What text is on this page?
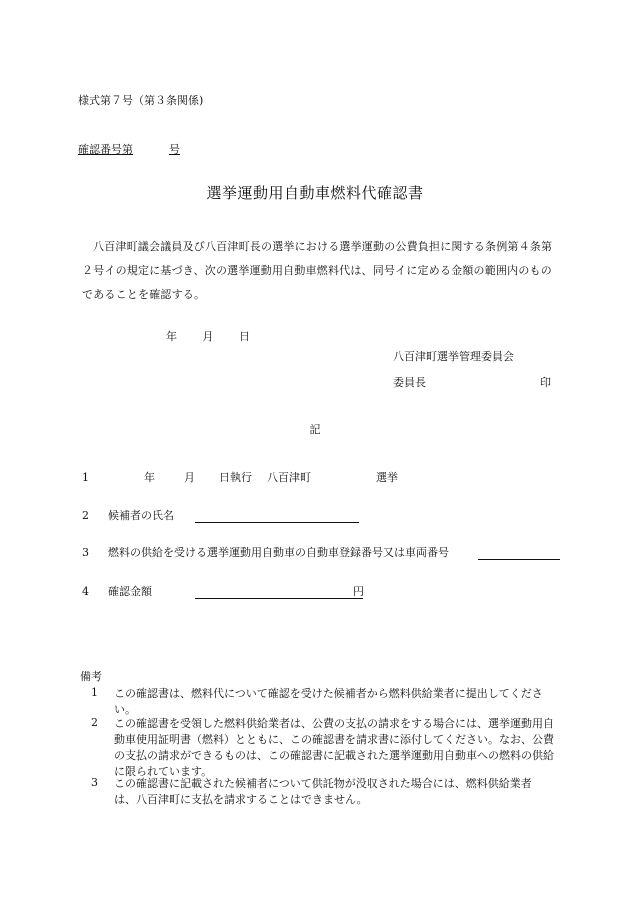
様式第７号（第３条関係)
確認番号第	号
選挙運動用自動車燃料代確認書
八百津町議会議員及び八百津町長の選挙における選挙運動の公費負担に関する条例第４条第２号イの規定に基づき、次の選挙運動用自動車燃料代は、同号イに定める金額の範囲内のものであることを確認する。
年 月 日
八百津町選挙管理委員会
委員長	印
記
1	年	月 日執行 八百津町	選挙
2 候補者の氏名
3 燃料の供給を受ける選挙運動用自動車の自動車登録番号又は車両番号
4 確認金額	円
備考
1 この確認書は、燃料代について確認を受けた候補者から燃料供給業者に提出してください。
2 この確認書を受領した燃料供給業者は、公費の支払の請求をする場合には、選挙運動用自動車使用証明書（燃料）とともに、この確認書を請求書に添付してください。なお、公費の支払の請求ができるものは、この確認書に記載された選挙運動用自動車への燃料の供給に限られています。
3 この確認書に記載された候補者について供託物が没収された場合には、燃料供給業者は、八百津町に支払を請求することはできません。
